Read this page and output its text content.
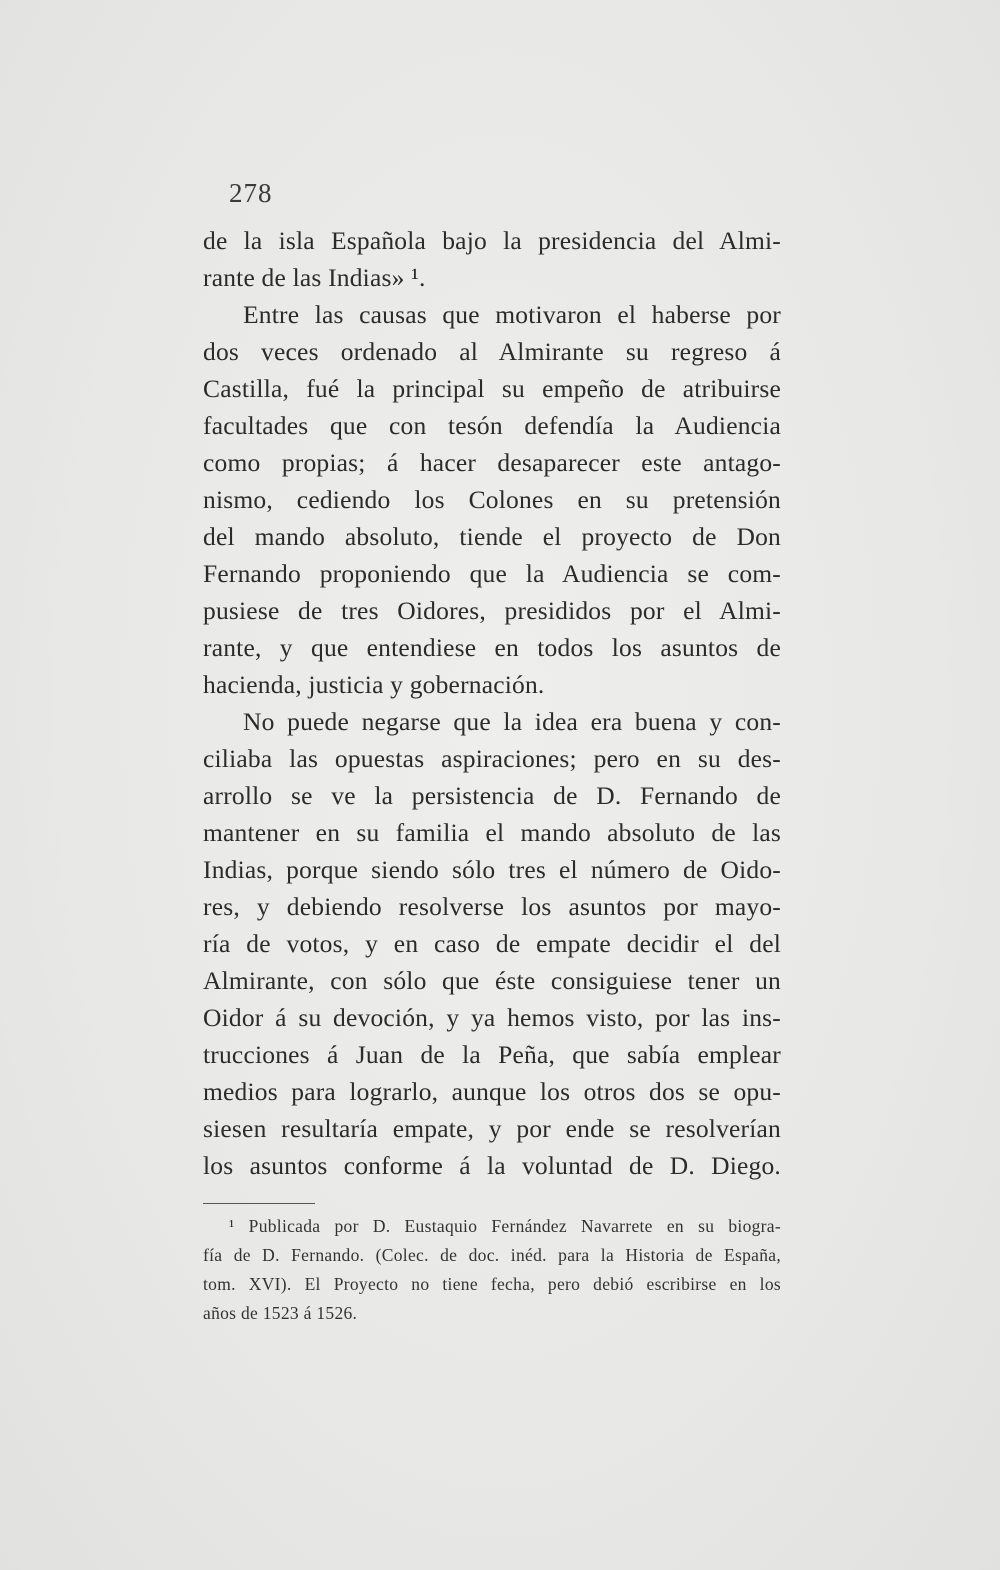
278
de la isla Española bajo la presidencia del Almi-
rante de las Indias» ¹.
Entre las causas que motivaron el haberse por
dos veces ordenado al Almirante su regreso á
Castilla, fué la principal su empeño de atribuirse
facultades que con tesón defendía la Audiencia
como propias; á hacer desaparecer este antago-
nismo, cediendo los Colones en su pretensión
del mando absoluto, tiende el proyecto de Don
Fernando proponiendo que la Audiencia se com-
pusiese de tres Oidores, presididos por el Almi-
rante, y que entendiese en todos los asuntos de
hacienda, justicia y gobernación.
No puede negarse que la idea era buena y con-
ciliaba las opuestas aspiraciones; pero en su des-
arrollo se ve la persistencia de D. Fernando de
mantener en su familia el mando absoluto de las
Indias, porque siendo sólo tres el número de Oido-
res, y debiendo resolverse los asuntos por mayo-
ría de votos, y en caso de empate decidir el del
Almirante, con sólo que éste consiguiese tener un
Oidor á su devoción, y ya hemos visto, por las ins-
trucciones á Juan de la Peña, que sabía emplear
medios para lograrlo, aunque los otros dos se opu-
siesen resultaría empate, y por ende se resolverían
los asuntos conforme á la voluntad de D. Diego.
¹ Publicada por D. Eustaquio Fernández Navarrete en su biogra-
fía de D. Fernando. (Colec. de doc. inéd. para la Historia de España,
tom. XVI). El Proyecto no tiene fecha, pero debió escribirse en los
años de 1523 á 1526.
